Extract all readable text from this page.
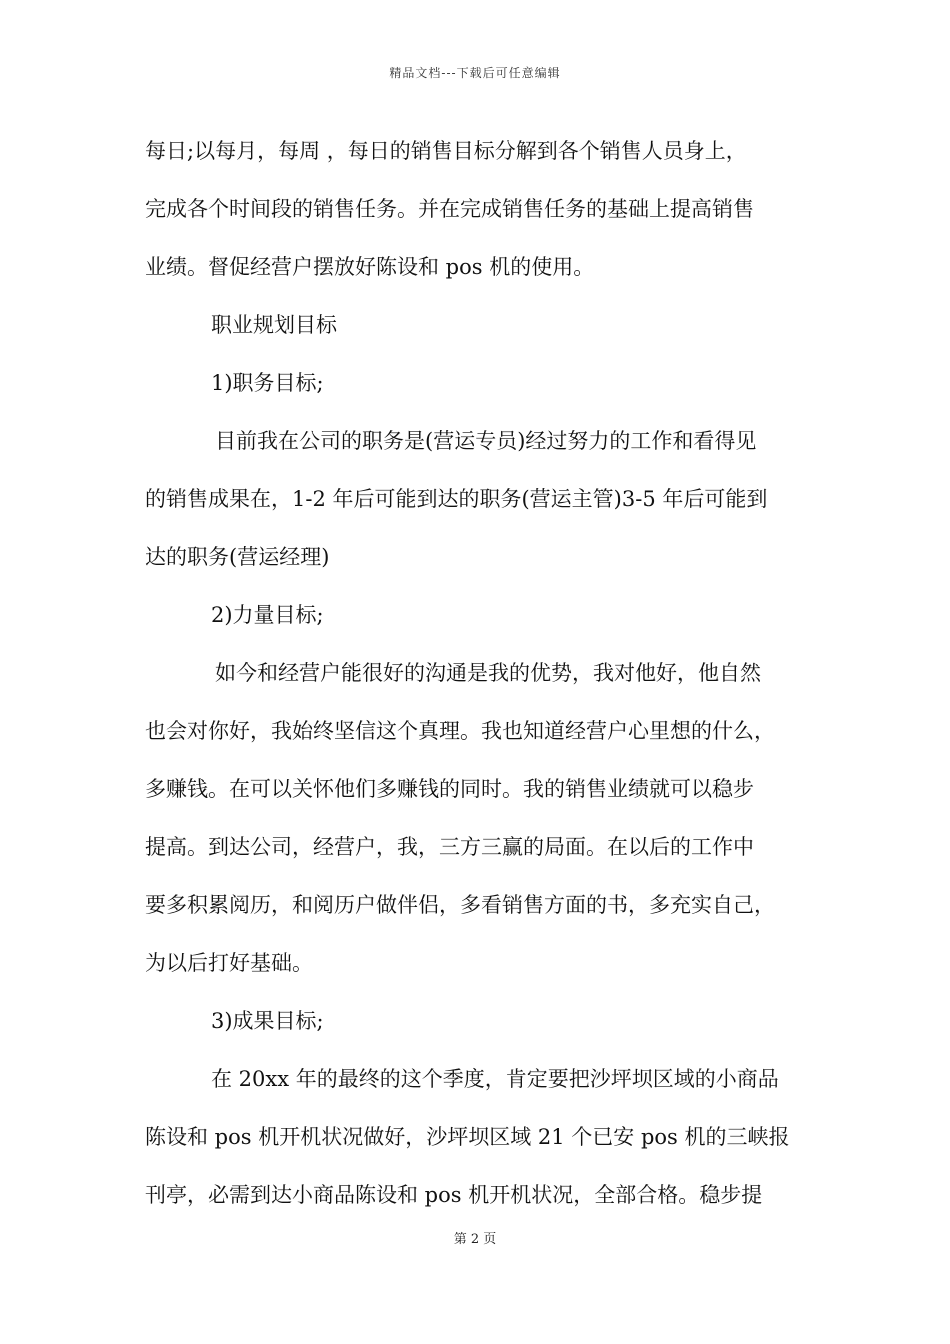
精品文档---下载后可任意编辑
每日;以每月，每周 ，每日的销售目标分解到各个销售人员身上，
完成各个时间段的销售任务。并在完成销售任务的基础上提高销售
业绩。督促经营户摆放好陈设和 pos 机的使用。
职业规划目标
1)职务目标;
目前我在公司的职务是(营运专员)经过努力的工作和看得见
的销售成果在，1-2 年后可能到达的职务(营运主管)3-5 年后可能到
达的职务(营运经理)
2)力量目标;
如今和经营户能很好的沟通是我的优势，我对他好，他自然
也会对你好，我始终坚信这个真理。我也知道经营户心里想的什么，
多赚钱。在可以关怀他们多赚钱的同时。我的销售业绩就可以稳步
提高。到达公司，经营户，我，三方三赢的局面。在以后的工作中
要多积累阅历，和阅历户做伴侣，多看销售方面的书，多充实自己，
为以后打好基础。
3)成果目标;
在 20xx 年的最终的这个季度，肯定要把沙坪坝区域的小商品
陈设和 pos 机开机状况做好，沙坪坝区域 21 个已安 pos 机的三峡报
刊亭，必需到达小商品陈设和 pos 机开机状况，全部合格。稳步提
第 2 页
